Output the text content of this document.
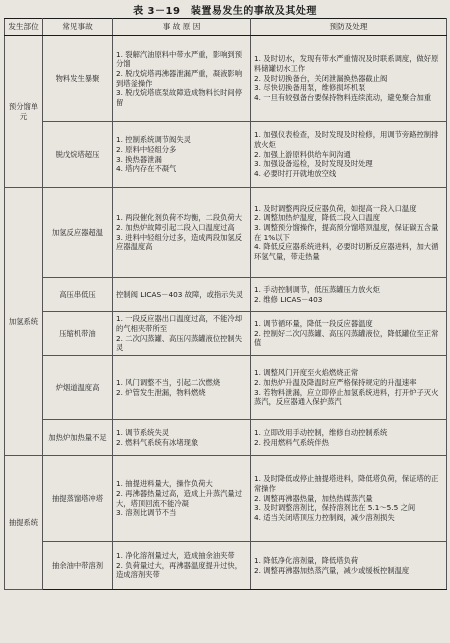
表 3－19　装置易发生的事故及其处理
发生部位	常见事故	事 故 原 因	预防及处理
预分馏单元	物料发生暴聚	1. 裂解汽油原料中带水严重，影响到预分馏
2. 脱戊烷塔再沸器泄漏严重，凝液影响到塔釜操作
3. 脱戊烷塔底泵故障造成物料长时间停留	1. 及时切水，发现有带水严重情况及时联系调度，做好原料储罐切水工作
2. 及时切换备台，关闭泄漏换热器截止阀
3. 尽快切换备用泵，维修损坏机泵
4. 一旦有较强备台要保持物料连续流动，避免聚合加重

	脱戊烷塔超压	1. 控制系统调节阀失灵
2. 原料中轻组分多
3. 换热器泄漏
4. 塔内存在不凝气	1. 加强仪表检查，及时发现及时检修，用调节旁路控制排放火炬
2. 加强上游原料供给车间沟通
3. 加强设备巡检，及时发现及时处理
4. 必要时打开就地放空线

加氢系统	加氢反应器超温	1. 两段催化剂负荷不均衡，二段负荷大
2. 加热炉故障引起二段入口温度过高
3. 进料中轻组分过多，造成两段加氢反应器温度高	1. 及时调整两段反应器负荷，如提高一段入口温度
2. 调整加热炉温度，降低二段入口温度
3. 调整预分馏操作，提高预分馏塔顶温度，保证碳五含量在 1%以下
4. 降低反应器系统进料，必要时切断反应器进料，加大循环氢气量，带走热量

	高压串低压	控制阀 LICAS－403 故障，或指示失灵	1. 手动控制调节，低压蒸罐压力放火炬
2. 维修 LICAS－403

	压缩机带油	1. 一段反应器出口温度过高，不能冷却的气相夹带所至
2. 二次闪蒸罐、高压闪蒸罐液位控制失灵	1. 调节循环量，降低一段反应器温度
2. 控制好二次闪蒸罐、高压闪蒸罐液位，降低罐位至正常值

	炉烟道温度高	1. 风门调整不当，引起二次燃烧
2. 炉管发生泄漏，物料燃烧	1. 调整风门开度至火焰燃烧正常
2. 加热炉升温及降温时应严格保持规定的升温速率
3. 若物料泄漏，应立即停止加氢系统进料，打开炉子灭火蒸汽，反应器通入保护蒸汽

	加热炉加热量不足	1. 调节系统失灵
2. 燃料气系统有冰堵现象	1. 立即改用手动控制，维修自动控制系统
2. 投用燃料气系统伴热

抽提系统	抽提蒸馏塔冲塔	1. 抽提进料量大，操作负荷大
2. 再沸器热量过高，造成上升蒸汽量过大，塔顶回流不能冷凝
3. 溶剂比调节不当	1. 及时降低或停止抽提塔进料，降低塔负荷，保证塔的正常操作
2. 调整再沸器热量，加热热媒蒸汽量
3. 及时调整溶剂比，保持溶剂比在 5.1～5.5 之间
4. 适当关闭塔顶压力控制阀，减少溶剂损失

	抽余油中带溶剂	1. 净化溶剂量过大，造成抽余油夹带
2. 负荷量过大，再沸器温度提升过快，造成溶剂夹带	1. 降低净化溶剂量，降低塔负荷
2. 调整再沸器加热蒸汽量，减少或缓板控制温度
